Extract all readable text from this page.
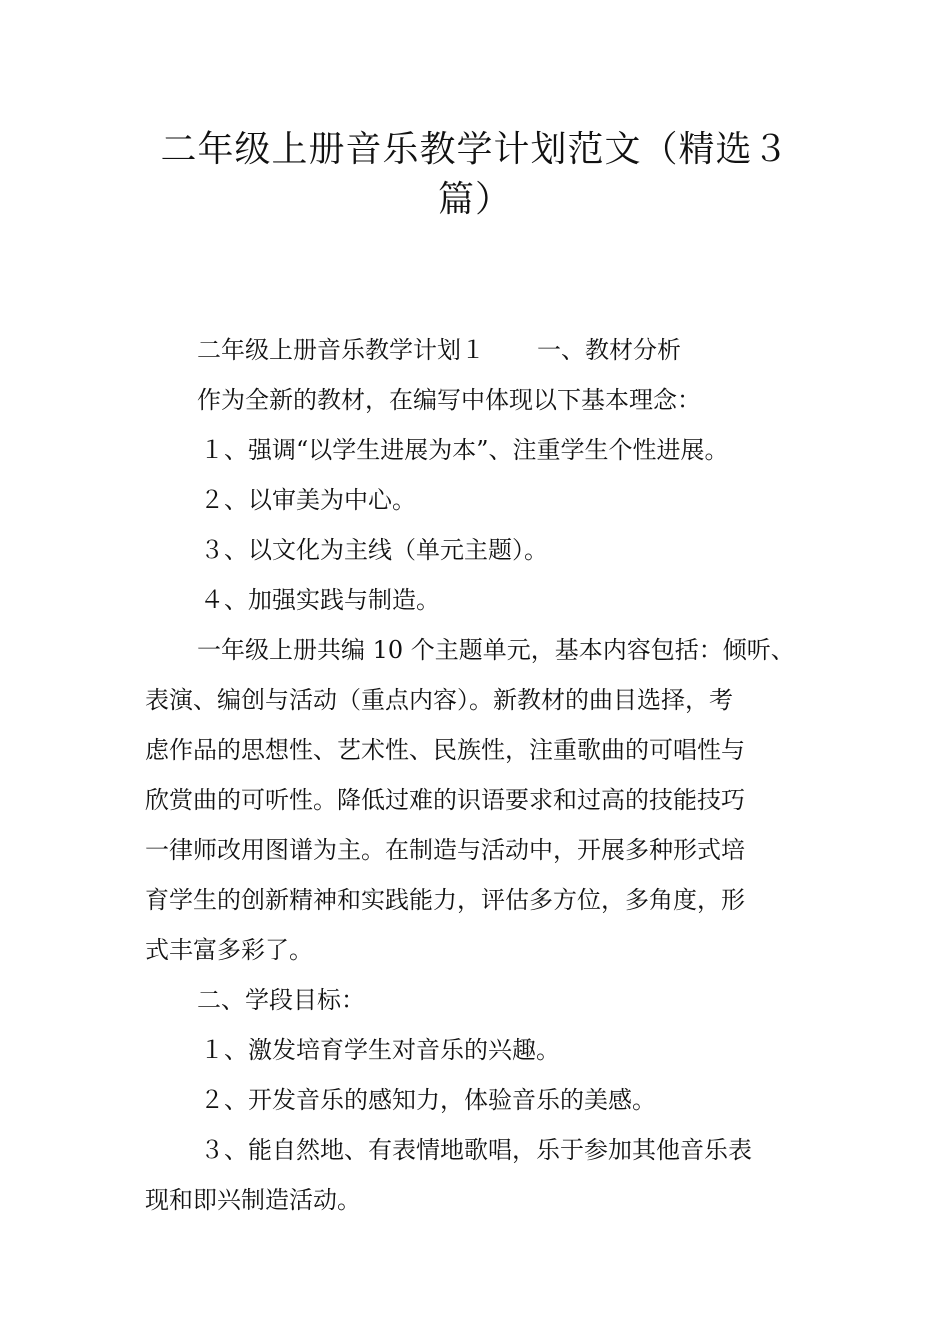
二年级上册音乐教学计划范文（精选３
篇）
二年级上册音乐教学计划１ 一、教材分析
作为全新的教材，在编写中体现以下基本理念：
１、强调“以学生进展为本”、注重学生个性进展。
２、以审美为中心。
３、以文化为主线（单元主题）。
４、加强实践与制造。
一年级上册共编 10 个主题单元，基本内容包括：倾听、
表演、编创与活动（重点内容）。新教材的曲目选择，考
虑作品的思想性、艺术性、民族性，注重歌曲的可唱性与
欣赏曲的可听性。降低过难的识语要求和过高的技能技巧
一律师改用图谱为主。在制造与活动中，开展多种形式培
育学生的创新精神和实践能力，评估多方位，多角度，形
式丰富多彩了。
二、学段目标：
１、激发培育学生对音乐的兴趣。
２、开发音乐的感知力，体验音乐的美感。
３、能自然地、有表情地歌唱，乐于参加其他音乐表
现和即兴制造活动。
